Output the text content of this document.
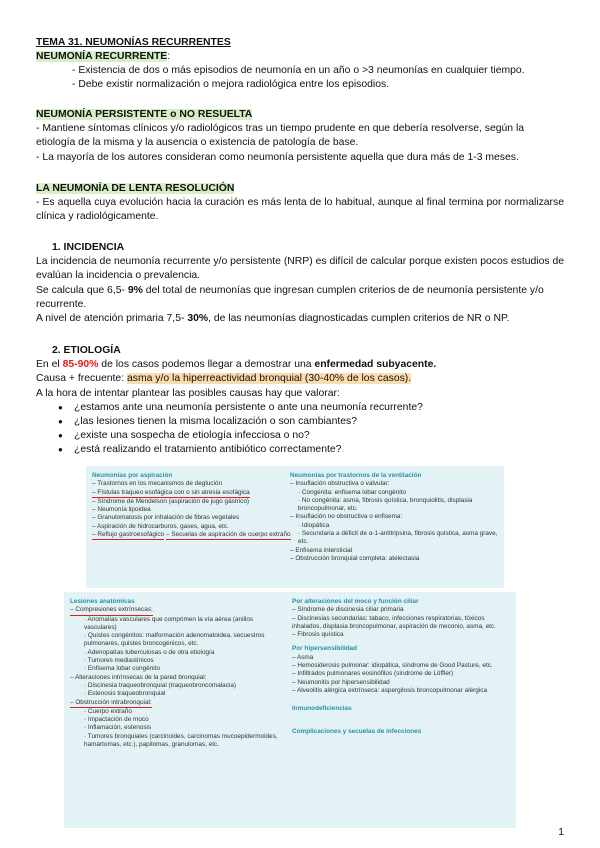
TEMA 31. NEUMONÍAS RECURRENTES
NEUMONÍA RECURRENTE:
- Existencia de dos o más episodios de neumonía en un año o >3 neumonías en cualquier tiempo.
- Debe existir normalización o mejora radiológica entre los episodios.
NEUMONÍA PERSISTENTE o NO RESUELTA
- Mantiene síntomas clínicos y/o radiológicos tras un tiempo prudente en que debería resolverse, según la etiología de la misma y la ausencia o existencia de patología de base.
- La mayoría de los autores consideran como neumonía persistente aquella que dura más de 1-3 meses.
LA NEUMONÍA DE LENTA RESOLUCIÓN
- Es aquella cuya evolución hacia la curación es más lenta de lo habitual, aunque al final termina por normalizarse clínica y radiológicamente.
1. INCIDENCIA
La incidencia de neumonía recurrente y/o persistente (NRP) es difícil de calcular porque existen pocos estudios de evalúan la incidencia o prevalencia.
Se calcula que 6,5- 9% del total de neumonías que ingresan cumplen criterios de de neumonía persistente y/o recurrente.
A nivel de atención primaria 7,5- 30%, de las neumonías diagnosticadas cumplen criterios de NR o NP.
2. ETIOLOGÍA
En el 85-90% de los casos podemos llegar a demostrar una enfermedad subyacente.
Causa + frecuente: asma y/o la hiperreactividad bronquial (30-40% de los casos).
A la hora de intentar plantear las posibles causas hay que valorar:
● ¿estamos ante una neumonía persistente o ante una neumonía recurrente?
● ¿las lesiones tienen la misma localización o son cambiantes?
● ¿existe una sospecha de etiología infecciosa o no?
● ¿está realizando el tratamiento antibiótico correctamente?
Neumonías por aspiración
– Trastornos en los mecanismos de deglución
– Fístulas traqueo esofágica con o sin atresia esofágica
– Síndrome de Mendelson (aspiración de jugo gástrico)
– Neumonía lipoidea
– Granulomatosis por inhalación de fibras vegetales
– Aspiración de hidrocarburos, gases, agua, etc.
– Reflujo gastroesofágico – Secuelas de aspiración de cuerpo extraño
Neumonías por trastornos de la ventilación
– Insuflación obstructiva o valvular:
· Congénita: enfisema lobar congénito
· No congénita: asma, fibrosis quística, bronquiolitis, displasia broncopulmonar, etc.
– Insuflación no obstructiva o enfisema:
· Idiopática
· Secundaria a déficit de α-1-antitripsina, fibrosis quística, asma grave, etc.
– Enfisema intersticial
– Obstrucción bronquial completa: atelectasia
Lesiones anatómicas
– Compresiones extrínsecas:
· Anomalías vasculares que comprimen la vía aérea (anillos vasculares)
· Quistes congénitos: malformación adenomatoidea, secuestros pulmonares, quistes broncogénicos, etc.
· Adenopatías tuberculosas o de otra etiología
· Tumores mediastínicos
· Enfisema lobar congénito
– Alteraciones intrínsecas de la pared bronquial:
· Discinesia traqueobronquial (traqueobroncomalacia)
· Estenosis traqueobronquial
– Obstrucción intrabronquial:
· Cuerpo extraño
· Impactación de moco
· Inflamación, estenosis
· Tumores bronquiales (carcinoides, carcinomas mucoepidermoides, hamartomas, etc.), papilomas, granulomas, etc.
Por alteraciones del moco y función ciliar
– Síndrome de discinesia ciliar primaria
– Discinesias secundarias: tabaco, infecciones respiratorias, tóxicos inhalados, displasia broncopulmonar, aspiración de meconio, asma, etc.
– Fibrosis quística
Por hipersensibilidad
– Asma
– Hemosiderosis pulmonar: idiopática, síndrome de Good Pasture, etc.
– Infiltrados pulmonares eosinófilos (síndrome de Löffler)
– Neumonitis por hipersensibilidad
– Alveolitis alérgica extrínseca: aspergilosis broncopulmonar alérgica
Inmunodeficiencias
Complicaciones y secuelas de infecciones
1
